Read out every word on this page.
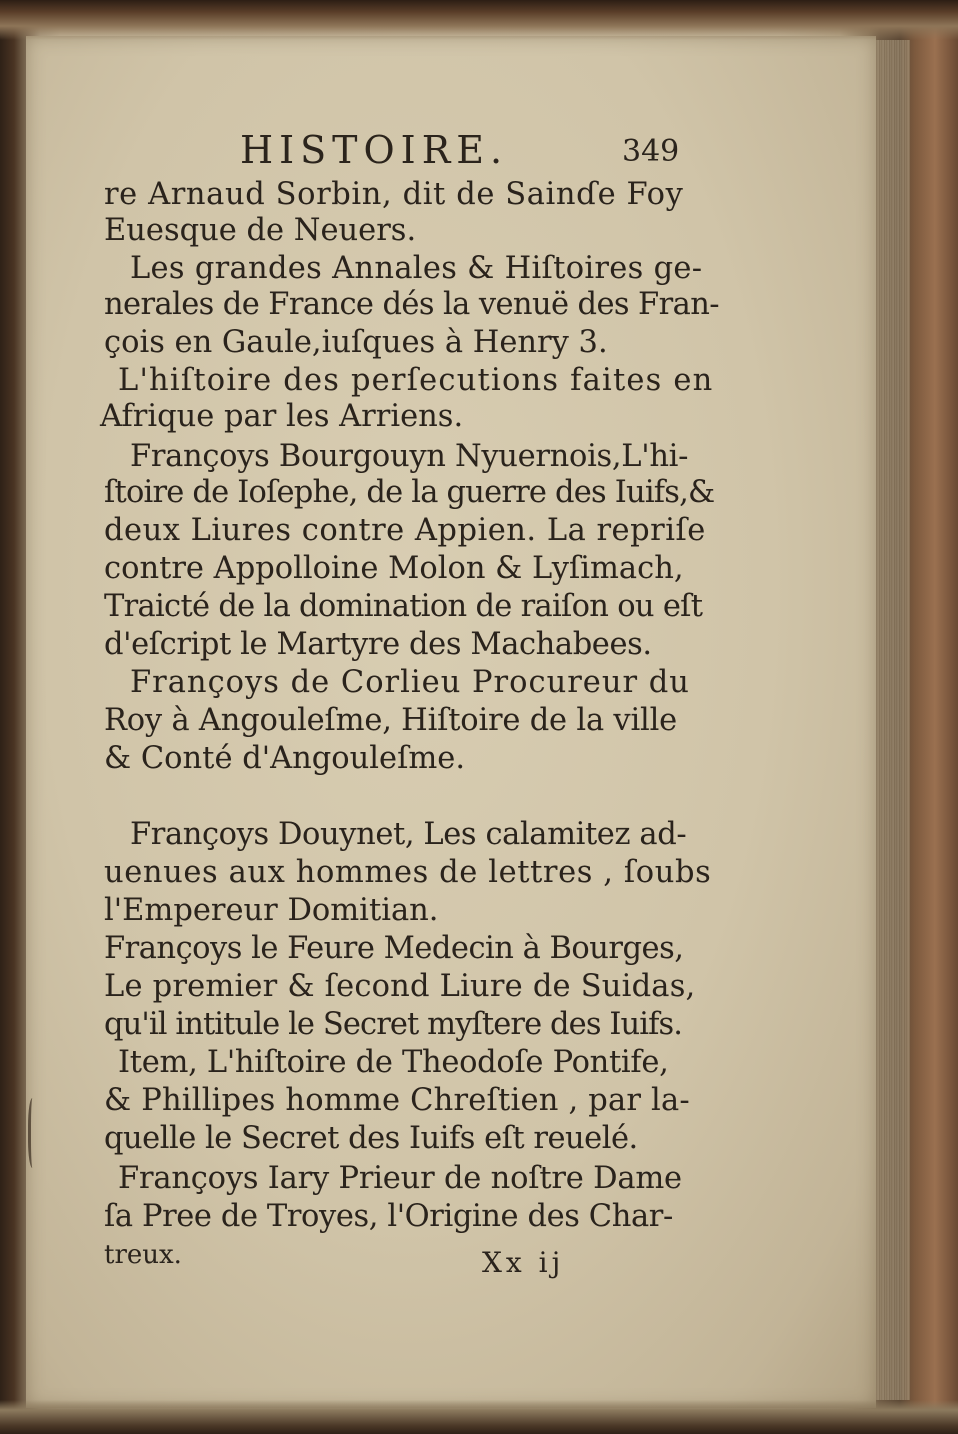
HISTOIRE.	349
re Arnaud Sorbin, dit de Sainɗe Foy
Euesque de Neuers.
Les grandes Annales & Hiſtoires ge-
nerales de France dés la venuë des Fran-
çois en Gaule,iuſques à Henry 3.
L'hiſtoire des perſecutions faites en
Afrique par les Arriens.
Françoys Bourgouyn Nyuernois,L'hi-
ſtoire de Ioſephe, de la guerre des Iuifs,&
deux Liures contre Appien. La repriſe
contre Appolloine Molon & Lyſimach,
Traicté de la domination de raiſon ou eſt
d'eſcript le Martyre des Machabees.
Françoys de Corlieu Procureur du
Roy à Angouleſme, Hiſtoire de la ville
& Conté d'Angouleſme.
Françoys Douynet, Les calamitez ad-
uenues aux hommes de lettres , ſoubs
l'Empereur Domitian.
Françoys le Feure Medecin à Bourges,
Le premier & ſecond Liure de Suidas,
qu'il intitule le Secret myſtere des Iuifs.
Item, L'hiſtoire de Theodoſe Pontife,
& Phillipes homme Chreſtien , par la-
quelle le Secret des Iuifs eſt reuelé.
Françoys Iary Prieur de noſtre Dame
ſa Pree de Troyes, l'Origine des Char-
treux.	Xx ij
